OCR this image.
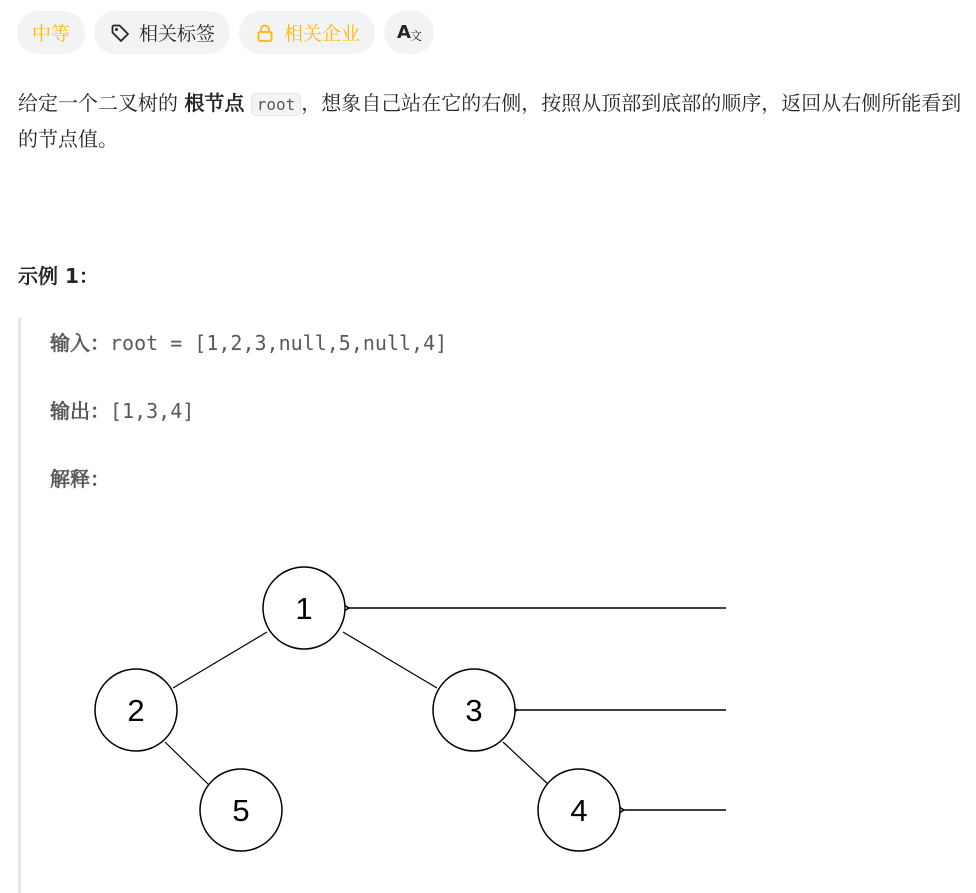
中等	相关标签	相关企业 $A_文$
给定一个二叉树的 根节点 root ，想象自己站在它的右侧，按照从顶部到底部的顺序，返回从右侧所能看到的节点值。
示例 1：
输入：root = [1,2,3,null,5,null,4]
输出：[1,3,4]
解释：
1
2	3
5	4
